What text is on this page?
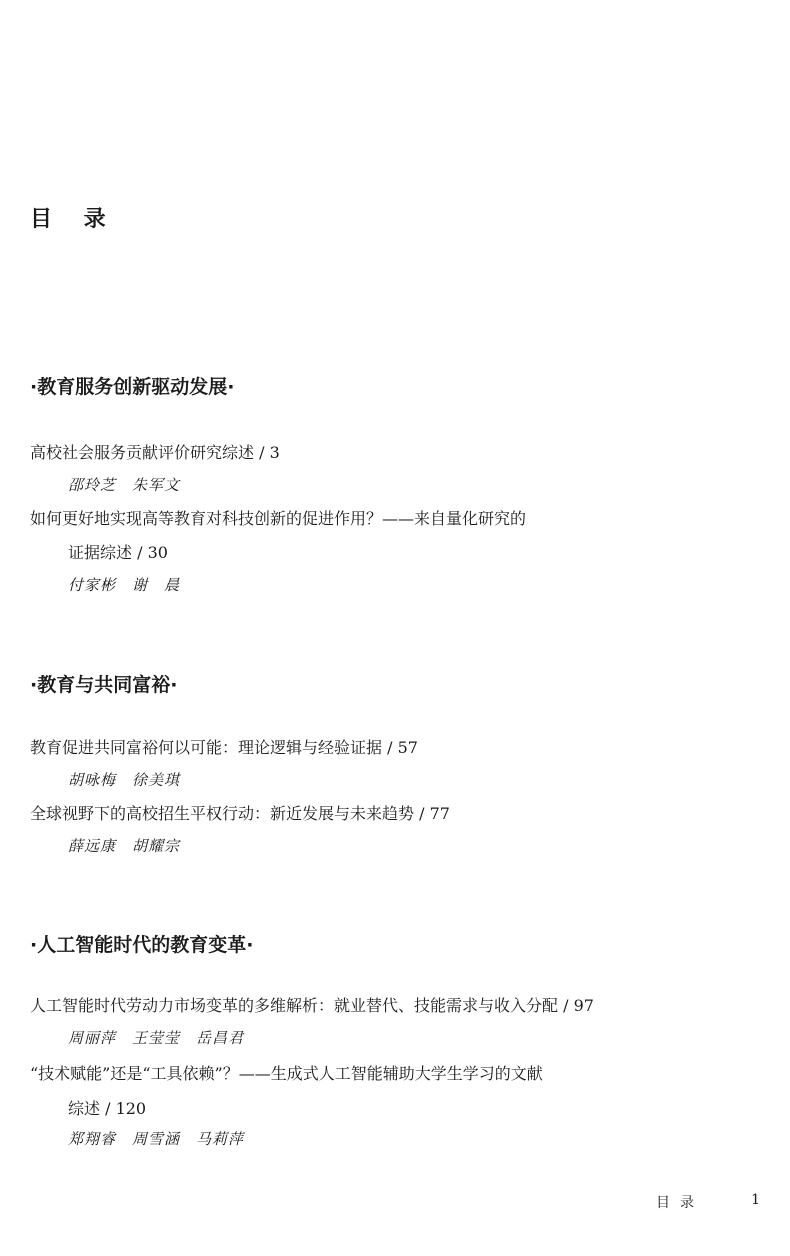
目 录
·教育服务创新驱动发展·
高校社会服务贡献评价研究综述 / 3
邵玲芝　朱军文
如何更好地实现高等教育对科技创新的促进作用？——来自量化研究的
证据综述 / 30
付家彬　谢　晨
·教育与共同富裕·
教育促进共同富裕何以可能：理论逻辑与经验证据 / 57
胡咏梅　徐美琪
全球视野下的高校招生平权行动：新近发展与未来趋势 / 77
薛远康　胡耀宗
·人工智能时代的教育变革·
人工智能时代劳动力市场变革的多维解析：就业替代、技能需求与收入分配 / 97
周丽萍　王莹莹　岳昌君
“技术赋能”还是“工具依赖”？——生成式人工智能辅助大学生学习的文献
综述 / 120
郑翔睿　周雪涵　马莉萍
目录	1
